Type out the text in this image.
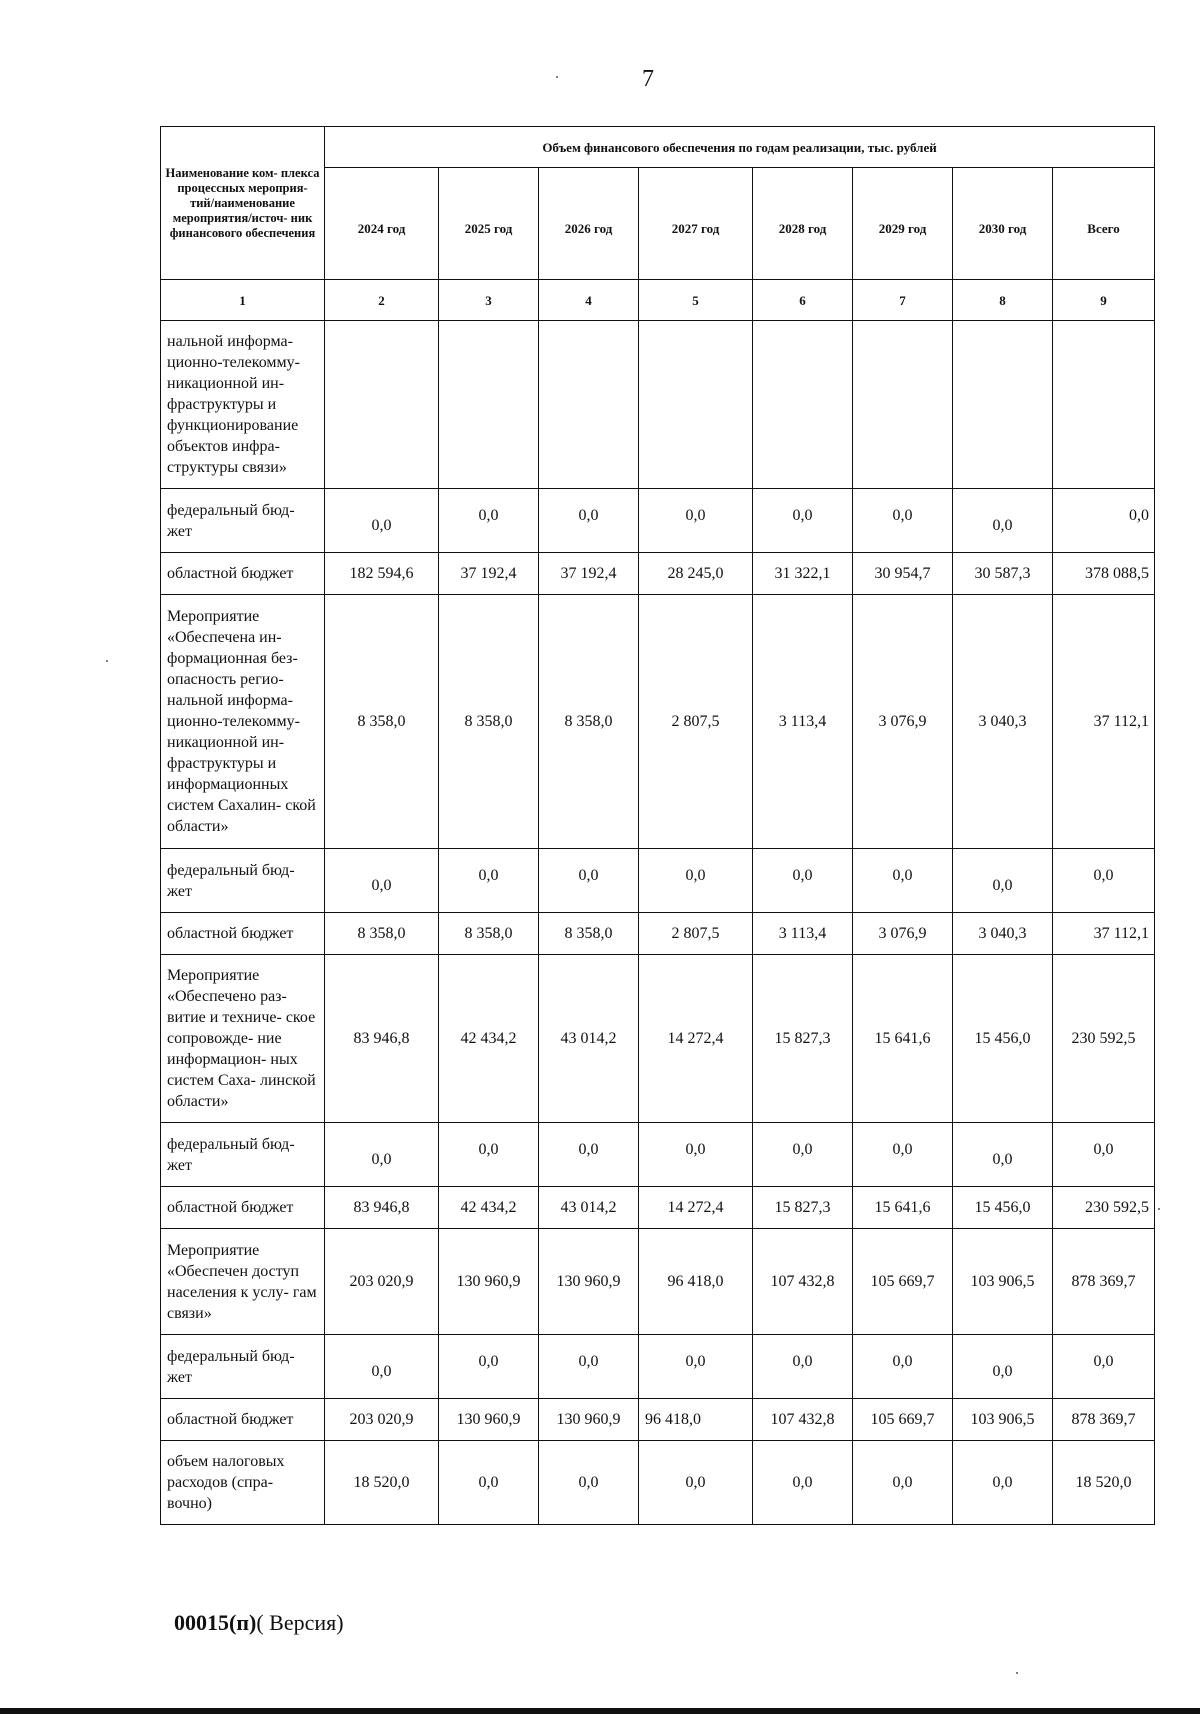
7
Наименование ком- плекса процессных мероприя- тий/наименование мероприятия/источ- ник финансового обеспечения	Объем финансового обеспечения по годам реализации, тыс. рублей							
	2024 год	2025 год	2026 год	2027 год	2028 год	2029 год	2030 год	Всего
1	2	3	4	5	6	7	8	9
нальной информа- ционно-телекомму- никационной ин- фраструктуры и функционирование объектов инфра- структуры связи»								
федеральный бюд- жет	0,0	0,0	0,0	0,0	0,0	0,0	0,0	0,0
областной бюджет	182 594,6	37 192,4	37 192,4	28 245,0	31 322,1	30 954,7	30 587,3	378 088,5
Мероприятие «Обеспечена ин- формационная без- опасность регио- нальной информа- ционно-телекомму- никационной ин- фраструктуры и информационных систем Сахалин- ской области»	8 358,0	8 358,0	8 358,0	2 807,5	3 113,4	3 076,9	3 040,3	37 112,1
федеральный бюд- жет	0,0	0,0	0,0	0,0	0,0	0,0	0,0	0,0
областной бюджет	8 358,0	8 358,0	8 358,0	2 807,5	3 113,4	3 076,9	3 040,3	37 112,1
Мероприятие «Обеспечено раз- витие и техниче- ское сопровожде- ние информацион- ных систем Саха- линской области»	83 946,8	42 434,2	43 014,2	14 272,4	15 827,3	15 641,6	15 456,0	230 592,5
федеральный бюд- жет	0,0	0,0	0,0	0,0	0,0	0,0	0,0	0,0
областной бюджет	83 946,8	42 434,2	43 014,2	14 272,4	15 827,3	15 641,6	15 456,0	230 592,5
Мероприятие «Обеспечен доступ населения к услу- гам связи»	203 020,9	130 960,9	130 960,9	96 418,0	107 432,8	105 669,7	103 906,5	878 369,7
федеральный бюд- жет	0,0	0,0	0,0	0,0	0,0	0,0	0,0	0,0
областной бюджет	203 020,9	130 960,9	130 960,9	96 418,0	107 432,8	105 669,7	103 906,5	878 369,7
объем налоговых расходов (спра- вочно)	18 520,0	0,0	0,0	0,0	0,0	0,0	0,0	18 520,0
00015(п)( Версия)
